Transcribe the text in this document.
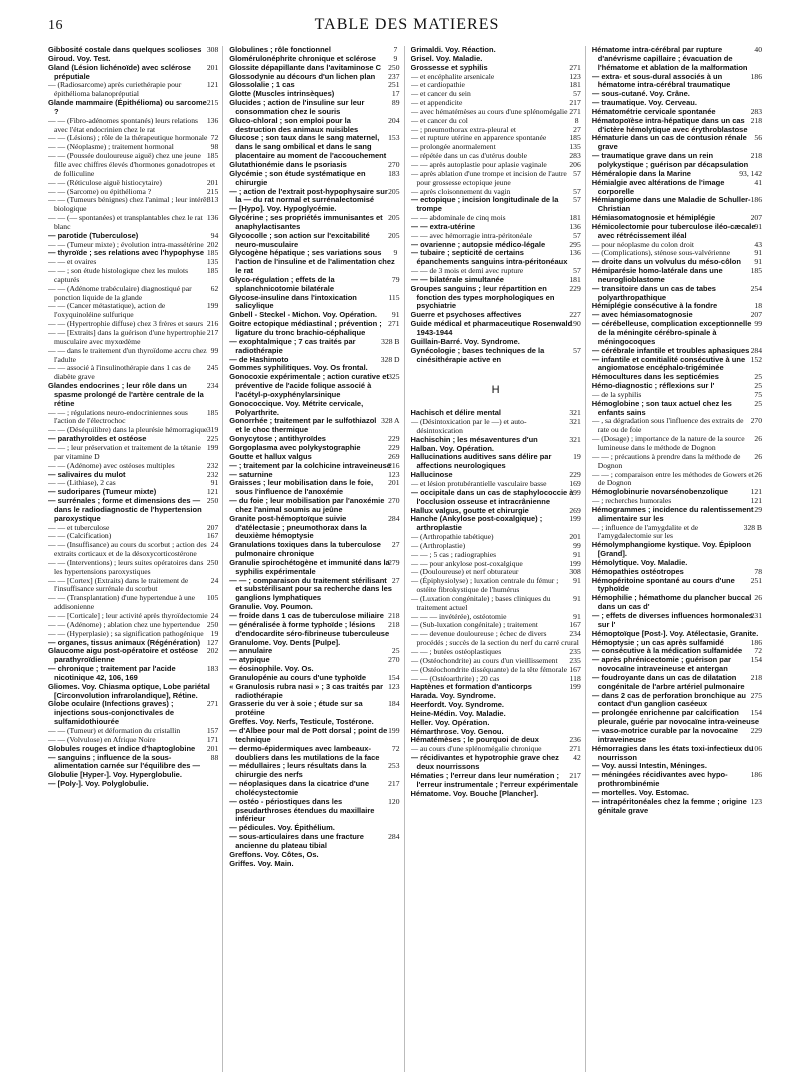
16	TABLE DES MATIERES

308
Gibbosité costale dans quelques scolioses

Giroud. Voy. Test.

201
Gland (Lésion lichénoïde) avec sclérose préputiale

121
— (Radiosarcome) après curiethérapie pour épithélioma balanopréputial

215
Glande mammaire (Épithélioma) ou sarcome ?

136
— — (Fibro-adénomes spontanés) leurs relations avec l'état endocrinien chez le rat

72
— — (Lésions) ; rôle de la thérapeutique hormonale

98
— — (Néoplasme) ; traitement hormonal

185
— — (Poussée douloureuse aiguë) chez une jeune fille avec chiffres élevés d'hormones gonadotropes et de folliculine

201
— — (Réticulose aiguë histiocytaire)

215
— — (Sarcome) ou épithélioma ?

313
— — (Tumeurs bénignes) chez l'animal ; leur intérêt biologique

136
— — (— spontanées) et transplantables chez le rat blanc

94
— parotide (Tuberculose)

202
— — (Tumeur mixte) ; évolution intra-massétérine

185
— thyroïde ; ses relations avec l'hypophyse

135
— — et ovaires

185
— — ; son étude histologique chez les mulots capturés

62
— — (Adénome trabéculaire) diagnostiqué par ponction liquide de la glande

199
— — (Cancer métastatique), action de l'oxyquinoléine sulfurique

216
— — (Hypertrophie diffuse) chez 3 frères et sœurs

217
— — [Extraits] dans la guérison d'une hypertrophie musculaire avec myxœdème

99
— — dans le traitement d'un thyroïdome accru chez l'adulte

245
— — associé à l'insulinothérapie dans 1 cas de diabète grave

234
Glandes endocrines ; leur rôle dans un spasme prolongé de l'artère centrale de la rétine

185
— — ; régulations neuro-endocriniennes sous l'action de l'électrochoc

319
— — (Déséquilibre) dans la pleurésie hémorragique

225
— parathyroïdes et ostéose

199
— — ; leur préservation et traitement de la tétanie par vitamine D

232
— — (Adénome) avec ostéoses multiples

232
— salivaires du mulot

91
— — (Lithiase), 2 cas

121
— sudoripares (Tumeur mixte)

250
— surrénales ; forme et dimensions des — dans le radiodiagnostic de l'hypertension paroxystique

207
— — et tuberculose

167
— — (Calcification)

24
— — (Insuffisance) au cours du scorbut ; action des extraits corticaux et de la désoxycorticostérone

250
— — (Interventions) ; leurs suites opératoires dans les hypertensions paroxystiques

24
— — [Cortex] (Extraits) dans le traitement de l'insuffisance surrénale du scorbut

105
— — (Transplantation) d'une hypertendue à une addisonienne

24
— — [Corticale] ; leur activité après thyroïdectomie

250
— — (Adénome) ; ablation chez une hypertendue

19
— — (Hyperplasie) ; sa signification pathogénique

127
— organes, tissus animaux (Régénération)

202
Glaucome aigu post-opératoire et ostéose parathyroïdienne

183
— chronique ; traitement par l'acide nicotinique 42, 106, 169

Gliomes. Voy. Chiasma optique, Lobe pariétal [Circonvolution infrarolandique], Rétine.

271
Globe oculaire (Infections graves) ; injections sous-conjonctivales de sulfamidothiourée

157
— — (Tumeur) et déformation du cristallin

171
— — (Volvulose) en Afrique Noire

201
Globules rouges et indice d'haptoglobine

88
— sanguins ; influence de la sous-alimentation carnée sur l'équilibre des —

Globulie [Hyper-]. Voy. Hyperglobulie.

— [Poly-]. Voy. Polyglobulie.

7
Globulines ; rôle fonctionnel

9
Glomérulonéphrite chronique et sclérose

250
Glossite dépapillante dans l'avitaminose C

237
Glossodynie au décours d'un lichen plan

251
Glossolalie ; 1 cas

17
Glotte (Muscles intrinsèques)

89
Glucides ; action de l'insuline sur leur consommation chez le souris

204
Gluco-chloral ; son emploi pour la destruction des animaux nuisibles

153
Glucose ; son taux dans le sang maternel, dans le sang ombilical et dans le sang placentaire au moment de l'accouchement

270
Glutathionémie dans le psoriasis

183
Glycémie ; son étude systématique en chirurgie

205
— ; action de l'extrait post-hypophysaire sur la — du rat normal et surrénalectomisé

— [Hypo]. Voy. Hypoglycémie.

205
Glycérine ; ses propriétés immunisantes et anaphylactisantes

205
Glycocolle ; son action sur l'excitabilité neuro-musculaire

9
Glycogène hépatique ; ses variations sous l'action de l'insuline et de l'alimentation chez le rat

79
Glyco-régulation ; effets de la splanchnicotomie bilatérale

115
Glycose-insuline dans l'intoxication salicylique

91
Gnbell - Steckel - Michon. Voy. Opération.

271
Goitre ectopique médiastinal ; prévention ; ligature du tronc brachio-céphalique

328 B
— exophtalmique ; 7 cas traités par radiothérapie

328 D
— de Hashimoto

Gommes syphilitiques. Voy. Os frontal.

325
Gonocoxie expérimentale ; action curative et préventive de l'acide folique associé à l'acétyl-p-oxyphénylarsinique

Gonococcique. Voy. Métrite cervicale, Polyarthrite.

328 A
Gonorrhée ; traitement par le sulfothiazol et le choc thermique

229
Gonycytose ; antithyroïdes

229
Gorgoplasma avec polykystographie

269
Goutte et hallux valgus

216
— ; traitement par la colchicine intraveineuse

123
— saturnine

201
Graisses ; leur mobilisation dans le foie, sous l'influence de l'anoxémie

270
— du foie ; leur mobilisation par l'anoxémie chez l'animal soumis au jeûne

284
Granite post-hémoptoïque suivie d'atélectasie ; pneumothorax dans la deuxième hémoptysie

27
Granulations toxiques dans la tuberculose pulmonaire chronique

279
Granulie spirochétogène et immunité dans la syphilis expérimentale

27
— — ; comparaison du traitement stérilisant et substérilisant pour sa recherche dans les ganglions lymphatiques

Granulie. Voy. Poumon.

218
— froide dans 1 cas de tuberculose miliaire

218
— généralisée à forme typhoïde ; lésions d'endocardite séro-fibrineuse tuberculeuse

Granulome. Voy. Dents [Pulpe].

25
— annulaire

270
— atypique

— éosinophile. Voy. Os.

154
Granulopénie au cours d'une typhoïde

123
« Granulosis rubra nasi » ; 3 cas traités par radiothérapie

184
Grasserie du ver à soie ; étude sur sa protéine

Greffes. Voy. Nerfs, Testicule, Tostérone.

199
— d'Albee pour mal de Pott dorsal ; point de technique

72
— dermo-épidermiques avec lambeaux-doubliers dans les mutilations de la face

253
— médullaires ; leurs résultats dans la chirurgie des nerfs

217
— néoplasiques dans la cicatrice d'une cholécystectomie

120
— ostéo - périostiques dans les pseudarthroses étendues du maxillaire inférieur

— pédicules. Voy. Épithélium.

284
— sous-articulaires dans une fracture ancienne du plateau tibial

Greffons. Voy. Côtes, Os.

Griffes. Voy. Main.

Grimaldi. Voy. Réaction.

Grisel. Voy. Maladie.

271
Grossesse et syphilis

123
— et encéphalite arsenicale

181
— et cardiopathie

57
— et cancer du sein

217
— et appendicite

271
— avec hématémèses au cours d'une splénomégalie

8
— et cancer du col

27
— ; pneumothorax extra-pleural et

185
— et rupture utérine en apparence spontanée

135
— prolongée anormalement

283
— répétée dans un cas d'utérus double

206
— — après autoplastie pour aplasie vaginale

57
— après ablation d'une trompe et incision de l'autre pour grossesse ectopique jeune

57
— après cloisonnement du vagin

57
— ectopique ; incision longitudinale de la trompe

181
— — abdominale de cinq mois

136
— — extra-utérine

57
— — avec hémorragie intra-péritonéale

295
— ovarienne ; autopsie médico-légale

136
— tubaire ; septicité de certains épanchements sanguins intra-péritonéaux

57
— — de 3 mois et demi avec rupture

181
— — bilatérale simultanée

229
Groupes sanguins ; leur répartition en fonction des types morphologiques en psychiatrie

227
Guerre et psychoses affectives

190
Guide médical et pharmaceutique Rosenwald 1943-1944

Guillain-Barré. Voy. Syndrome.

57
Gynécologie ; bases techniques de la cinésithérapie active en

H

321
Hachisch et délire mental

321
— (Désintoxication par le —) et auto-désintoxication

321
Hachischin ; les mésaventures d'un

Halban. Voy. Opération.

19
Hallucinations auditives sans délire par affections neurologiques

229
Hallucinose

169
— et lésion protubérantielle vasculaire basse

99
— occipitale dans un cas de staphylococcie à l'occlusion osseuse et intracrânienne

269
Hallux valgus, goutte et chirurgie

199
Hanche (Ankylose post-coxalgique) ; arthroplastie

201
— (Arthropathie tabétique)

99
— (Arthroplastie)

91
— — ; 5 cas ; radiographies

199
— — pour ankylose post-coxalgique

308
— (Douloureuse) et nerf obturateur

91
— (Épiphysiolyse) ; luxation centrale du fémur ; ostéite fibrokystique de l'humérus

91
— (Luxation congénitale) ; bases cliniques du traitement actuel

91
— — — invétérée), ostéotomie

167
— (Sub-luxation congénitale) ; traitement

234
— — devenue douloureuse ; échec de divers procédés ; succès de la section du nerf du carré crural

235
— — ; butées ostéoplastiques

235
— (Ostéochondrite) au cours d'un vieillissement

167
— (Ostéochondrite disséquante) de la tête fémorale

118
— — (Ostéoarthrite) ; 20 cas

199
Haptènes et formation d'anticorps

Harada. Voy. Syndrome.

Heerfordt. Voy. Syndrome.

Heine-Médin. Voy. Maladie.

Heller. Voy. Opération.

Hémarthrose. Voy. Genou.

236
Hématémèses ; le pourquoi de deux

271
— au cours d'une splénomégalie chronique

42
— récidivantes et hypotrophie grave chez deux nourrissons

217
Hématies ; l'erreur dans leur numération ; l'erreur instrumentale ; l'erreur expérimentale

Hématome. Voy. Bouche [Plancher].

40
Hématome intra-cérébral par rupture d'anévrisme capillaire ; évacuation de l'hématome et ablation de la malformation

186
— extra- et sous-dural associés à un hématome intra-cérébral traumatique

— sous-cutané. Voy. Crâne.

— traumatique. Voy. Cerveau.

283
Hématométrie cervicale spontanée

218
Hématopoïèse intra-hépatique dans un cas d'ictère hémolytique avec érythroblastose

56
Hématurie dans un cas de contusion rénale grave

218
— traumatique grave dans un rein polykystique ; guérison par décapsulation

93, 142
Héméralopie dans la Marine

41
Hémialgie avec altérations de l'image corporelle

186
Hémiangiome dans une Maladie de Schuller-Christian

207
Hémiasomatognosie et hémiplégie

91
Hémicolectomie pour tuberculose iléo-cæcale avec rétrécissement iléal

43
— pour néoplasme du colon droit

91
— (Complications), sténose sous-valvérienne

91
— droite dans un volvulus du méso-côlon

185
Hémiparésie homo-latérale dans une neuroglioblastome

254
— transitoire dans un cas de tabes polyarthropathique

18
Hémiplégie consécutive à la fondre

207
— avec hémiasomatognosie

99
— cérébelleuse, complication exceptionnelle de la méningite cérébro-spinale à méningocoques

284
— cérébrale infantile et troubles aphasiques

152
— infantile et comitialité consécutive à une angiomatose encéphalo-trigéminée

25
Hémocultures dans les septicémies

25
Hémo-diagnostic ; réflexions sur l'

75
— de la syphilis

25
Hémoglobine ; son taux actuel chez les enfants sains

270
— , sa dégradation sous l'influence des extraits de rate ou de foie

26
— (Dosage) ; importance de la nature de la source lumineuse dans le méthode de Dognon

26
— — ; précautions à prendre dans la méthode de Dognon

26
— — ; comparaison entre les méthodes de Gowers et de Dognon

121
Hémoglobinurie novarsénobenzolique

121
— ; recherches humorales

29
Hémogrammes ; incidence du ralentissement alimentaire sur les

328 B
— ; influence de l'amygdalite et de l'amygdalectomie sur les

Hémolymphangiome kystique. Voy. Épiploon [Grand].

Hémolytique. Voy. Maladie.

78
Hémopathies ostéotropes

251
Hémopéritoine spontané au cours d'une typhoïde

26
Hémophilie ; hémathome du plancher buccal dans un cas d'

231
— ; effets de diverses influences hormonales sur l'

Hémoptoïque [Post-]. Voy. Atélectasie, Granite.

186
Hémoptysie ; un cas après sulfamidé

72
— consécutive à la médication sulfamidée

154
— après phrénicectomie ; guérison par novocaïne intraveineuse et antergan

218
— foudroyante dans un cas de dilatation congénitale de l'arbre artériel pulmonaire

275
— dans 2 cas de perforation bronchique au contact d'un ganglion caséeux

154
— prolongée enrichenne par calcification pleurale, guérie par novocaïne intra-veineuse

229
— vaso-motrice curable par la novocaïne intraveineuse

106
Hémorragies dans les états toxi-infectieux du nourrisson

— Voy. aussi Intestin, Méninges.

186
— méningées récidivantes avec hypo-prothrombinémie

— mortelles. Voy. Estomac.

123
— intrapéritonéales chez la femme ; origine génitale grave
